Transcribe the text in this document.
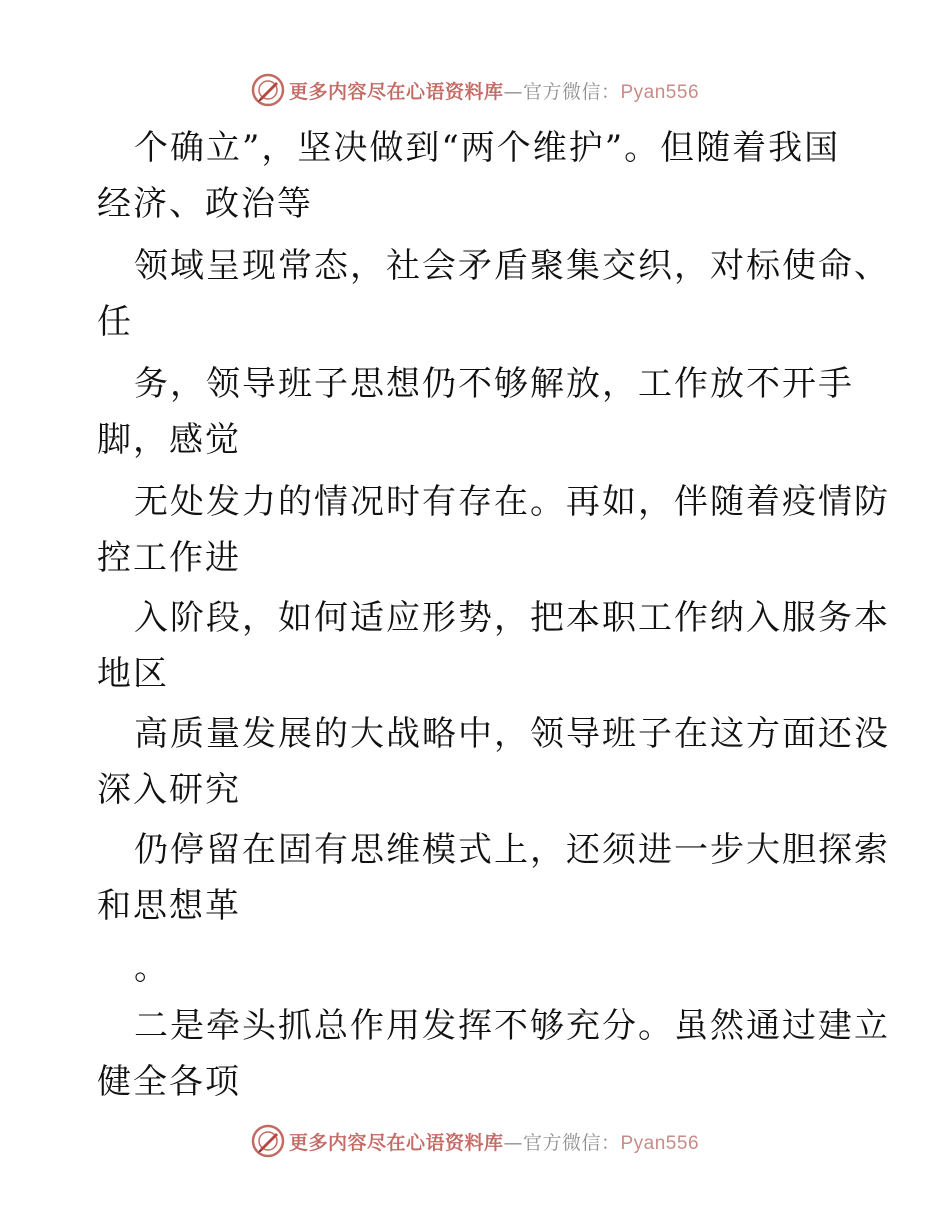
更多内容尽在心语资料库—官方微信：Pyan556
个确立”，坚决做到“两个维护”。但随着我国
经济、政治等
领域呈现常态，社会矛盾聚集交织，对标使命、
任
务，领导班子思想仍不够解放，工作放不开手
脚，感觉
无处发力的情况时有存在。再如，伴随着疫情防
控工作进
入阶段，如何适应形势，把本职工作纳入服务本
地区
高质量发展的大战略中，领导班子在这方面还没
深入研究
仍停留在固有思维模式上，还须进一步大胆探索
和思想革
。
二是牵头抓总作用发挥不够充分。虽然通过建立
健全各项
更多内容尽在心语资料库—官方微信：Pyan556
